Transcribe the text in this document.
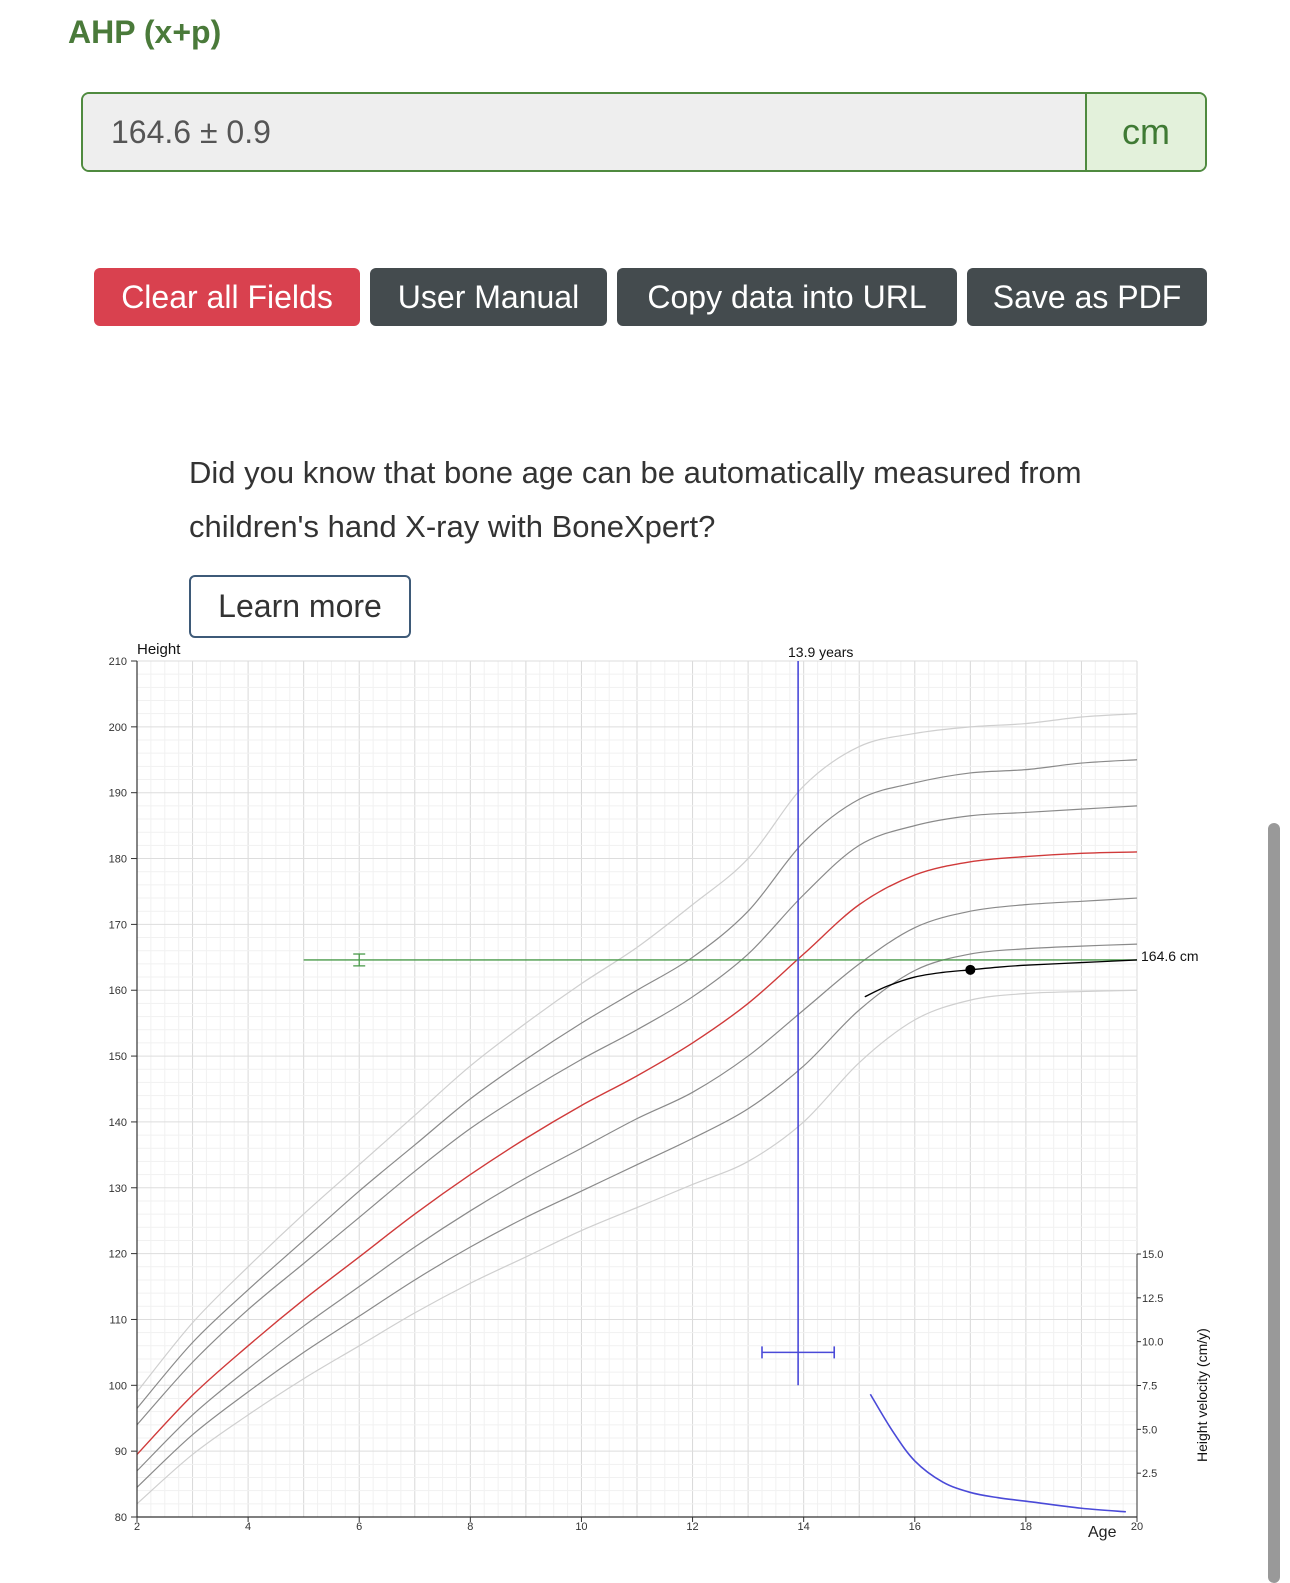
AHP (x+p)
164.6 ± 0.9
cm
Clear all Fields	User Manual	Copy data into URL	Save as PDF
Did you know that bone age can be automatically measured from
children's hand X-ray with BoneXpert?
Learn more
80
90
100
110
120
130
140
150
160
170
180
190
200
210
2	4	6	8	10	12	14	16	18	20
2.5
5.0
7.5
10.0
12.5
15.0
Height
Age
Height velocity (cm/y)
13.9 years
164.6 cm
